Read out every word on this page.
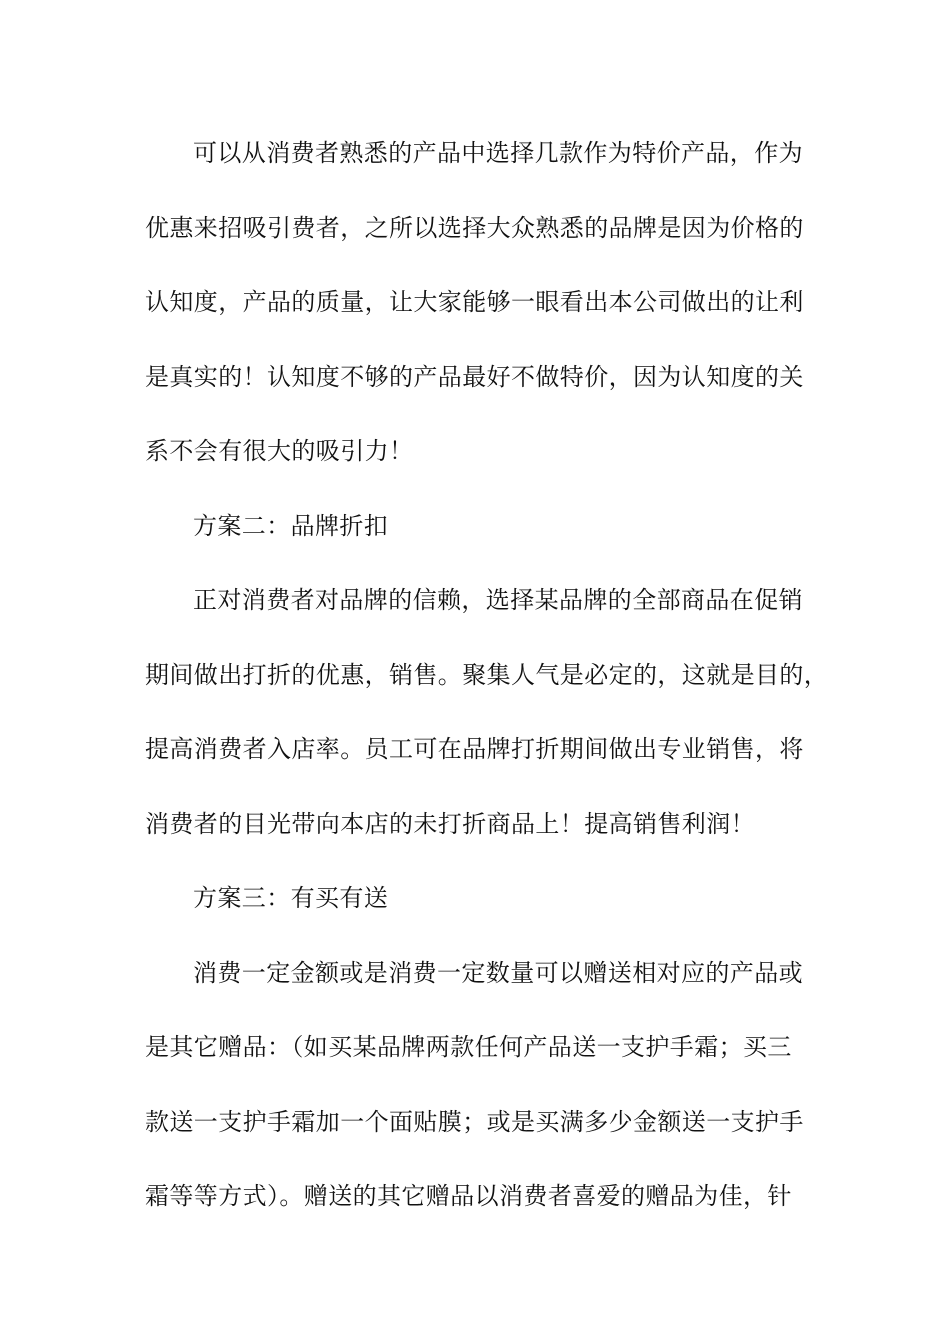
可以从消费者熟悉的产品中选择几款作为特价产品，作为
优惠来招吸引费者，之所以选择大众熟悉的品牌是因为价格的
认知度，产品的质量，让大家能够一眼看出本公司做出的让利
是真实的！认知度不够的产品最好不做特价，因为认知度的关
系不会有很大的吸引力！
方案二：品牌折扣
正对消费者对品牌的信赖，选择某品牌的全部商品在促销
期间做出打折的优惠，销售。聚集人气是必定的，这就是目的，
提高消费者入店率。员工可在品牌打折期间做出专业销售，将
消费者的目光带向本店的未打折商品上！提高销售利润！
方案三：有买有送
消费一定金额或是消费一定数量可以赠送相对应的产品或
是其它赠品：（如买某品牌两款任何产品送一支护手霜；买三
款送一支护手霜加一个面贴膜；或是买满多少金额送一支护手
霜等等方式）。赠送的其它赠品以消费者喜爱的赠品为佳，针
